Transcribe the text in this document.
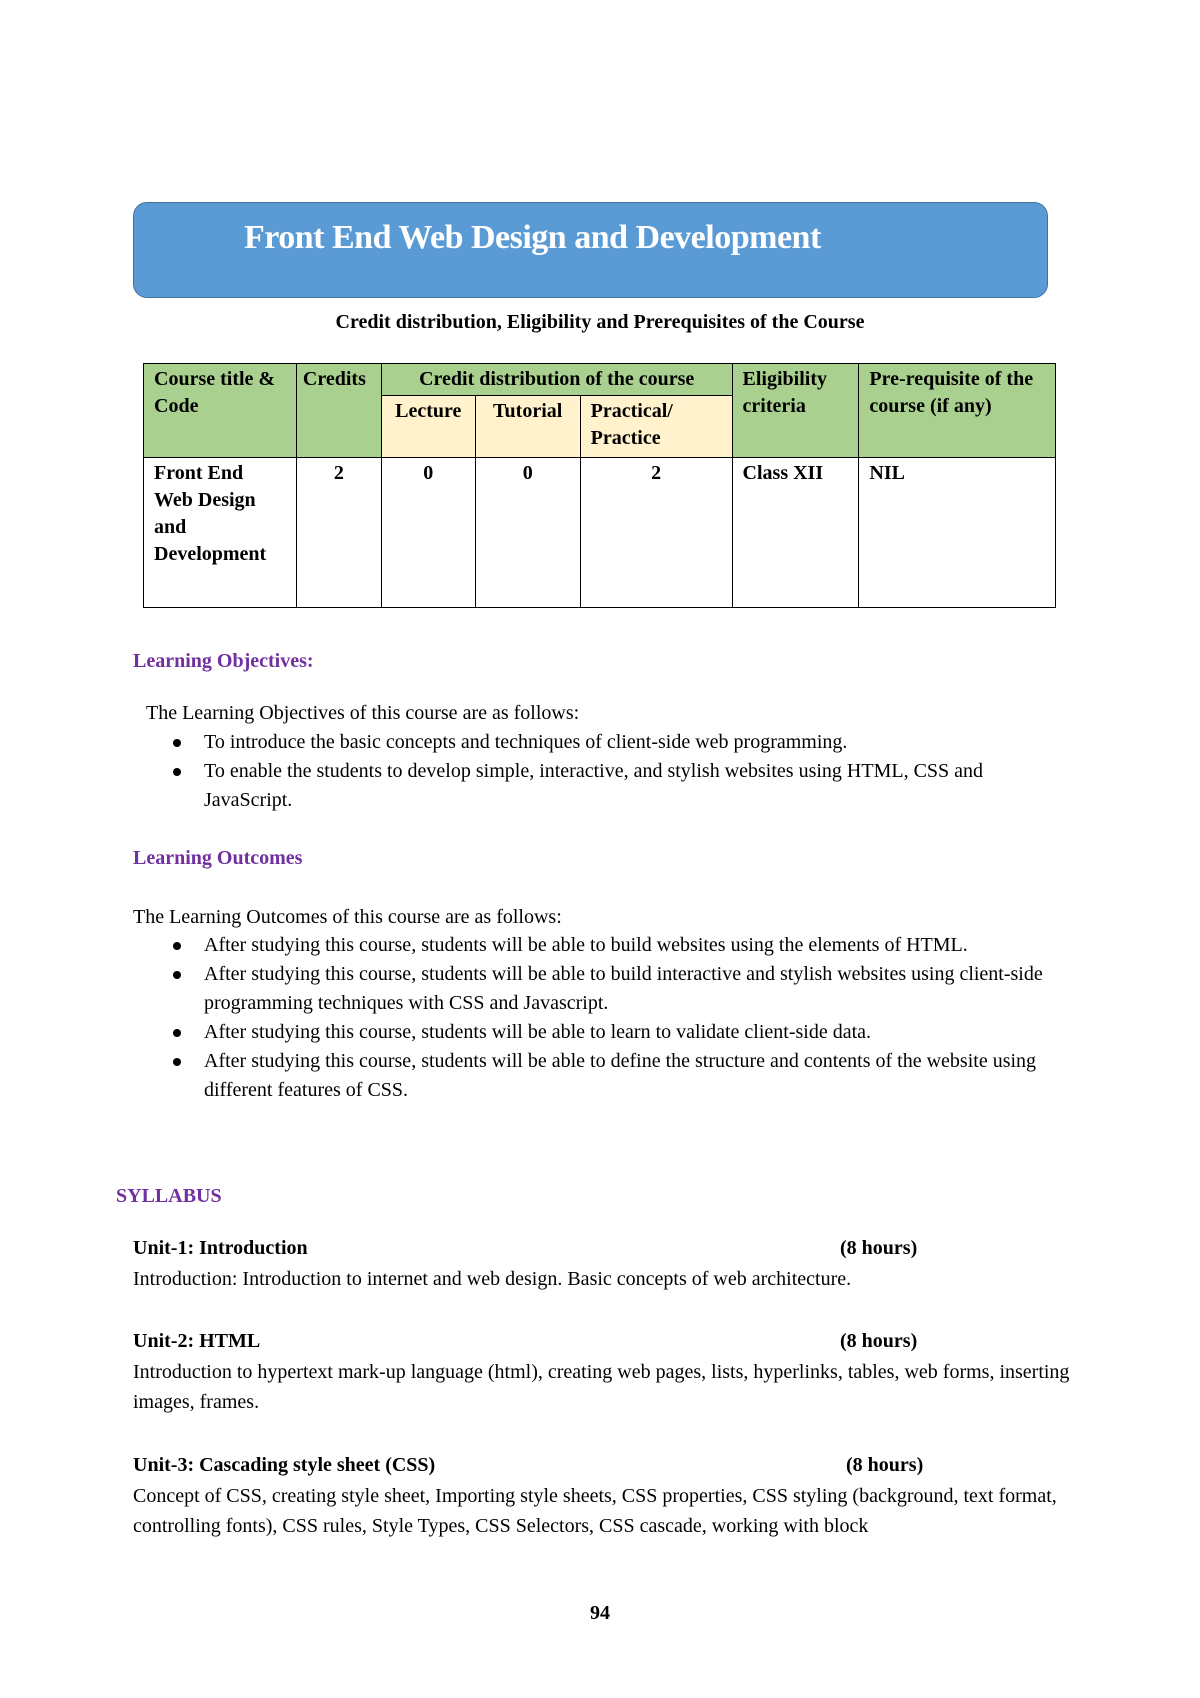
Front End Web Design and Development
Credit distribution, Eligibility and Prerequisites of the Course
Course title & Code	Credits	Credit distribution of the course			Eligibility criteria	Pre-requisite of the course (if any)
		Lecture	Tutorial	Practical/ Practice		
Front End Web Design and Development	2	0	0	2	Class XII	NIL
Learning Objectives:
The Learning Objectives of this course are as follows:
To introduce the basic concepts and techniques of client-side web programming.
To enable the students to develop simple, interactive, and stylish websites using HTML, CSS and JavaScript.
Learning Outcomes
The Learning Outcomes of this course are as follows:
After studying this course, students will be able to build websites using the elements of HTML.
After studying this course, students will be able to build interactive and stylish websites using client-side programming techniques with CSS and Javascript.
After studying this course, students will be able to learn to validate client-side data.
After studying this course, students will be able to define the structure and contents of the website using different features of CSS.
SYLLABUS
Unit-1: Introduction	(8 hours)
Introduction: Introduction to internet and web design. Basic concepts of web architecture.
Unit-2: HTML	(8 hours)
Introduction to hypertext mark-up language (html), creating web pages, lists, hyperlinks, tables, web forms, inserting images, frames.
Unit-3: Cascading style sheet (CSS)	(8 hours)
Concept of CSS, creating style sheet, Importing style sheets, CSS properties, CSS styling (background, text format, controlling fonts), CSS rules, Style Types, CSS Selectors, CSS cascade, working with block
94
